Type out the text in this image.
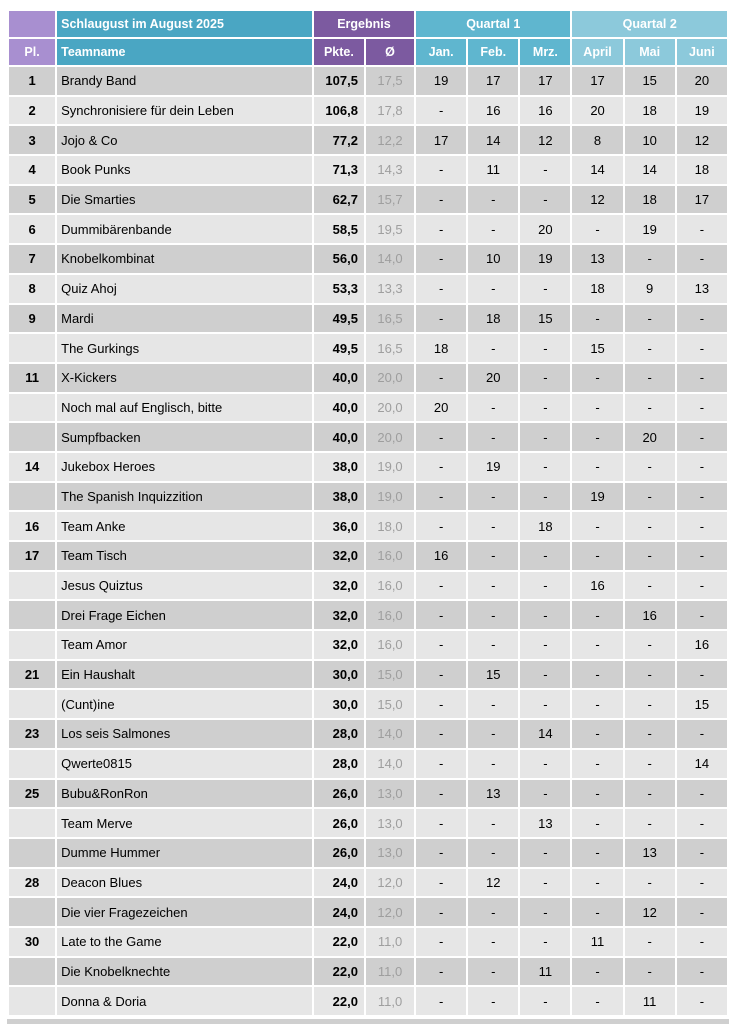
	Schlaugust im August 2025	Ergebnis		Quartal 1			Quartal 2		
Pl.	Teamname	Pkte.	Ø	Jan.	Feb.	Mrz.	April	Mai	Juni
1	Brandy Band	107,5	17,5	19	17	17	17	15	20
2	Synchronisiere für dein Leben	106,8	17,8	-	16	16	20	18	19
3	Jojo & Co	77,2	12,2	17	14	12	8	10	12
4	Book Punks	71,3	14,3	-	11	-	14	14	18
5	Die Smarties	62,7	15,7	-	-	-	12	18	17
6	Dummibärenbande	58,5	19,5	-	-	20	-	19	-
7	Knobelkombinat	56,0	14,0	-	10	19	13	-	-
8	Quiz Ahoj	53,3	13,3	-	-	-	18	9	13
9	Mardi	49,5	16,5	-	18	15	-	-	-
	The Gurkings	49,5	16,5	18	-	-	15	-	-
11	X-Kickers	40,0	20,0	-	20	-	-	-	-
	Noch mal auf Englisch, bitte	40,0	20,0	20	-	-	-	-	-
	Sumpfbacken	40,0	20,0	-	-	-	-	20	-
14	Jukebox Heroes	38,0	19,0	-	19	-	-	-	-
	The Spanish Inquizzition	38,0	19,0	-	-	-	19	-	-
16	Team Anke	36,0	18,0	-	-	18	-	-	-
17	Team Tisch	32,0	16,0	16	-	-	-	-	-
	Jesus Quiztus	32,0	16,0	-	-	-	16	-	-
	Drei Frage Eichen	32,0	16,0	-	-	-	-	16	-
	Team Amor	32,0	16,0	-	-	-	-	-	16
21	Ein Haushalt	30,0	15,0	-	15	-	-	-	-
	(Cunt)ine	30,0	15,0	-	-	-	-	-	15
23	Los seis Salmones	28,0	14,0	-	-	14	-	-	-
	Qwerte0815	28,0	14,0	-	-	-	-	-	14
25	Bubu&RonRon	26,0	13,0	-	13	-	-	-	-
	Team Merve	26,0	13,0	-	-	13	-	-	-
	Dumme Hummer	26,0	13,0	-	-	-	-	13	-
28	Deacon Blues	24,0	12,0	-	12	-	-	-	-
	Die vier Fragezeichen	24,0	12,0	-	-	-	-	12	-
30	Late to the Game	22,0	11,0	-	-	-	11	-	-
	Die Knobelknechte	22,0	11,0	-	-	11	-	-	-
	Donna & Doria	22,0	11,0	-	-	-	-	11	-
